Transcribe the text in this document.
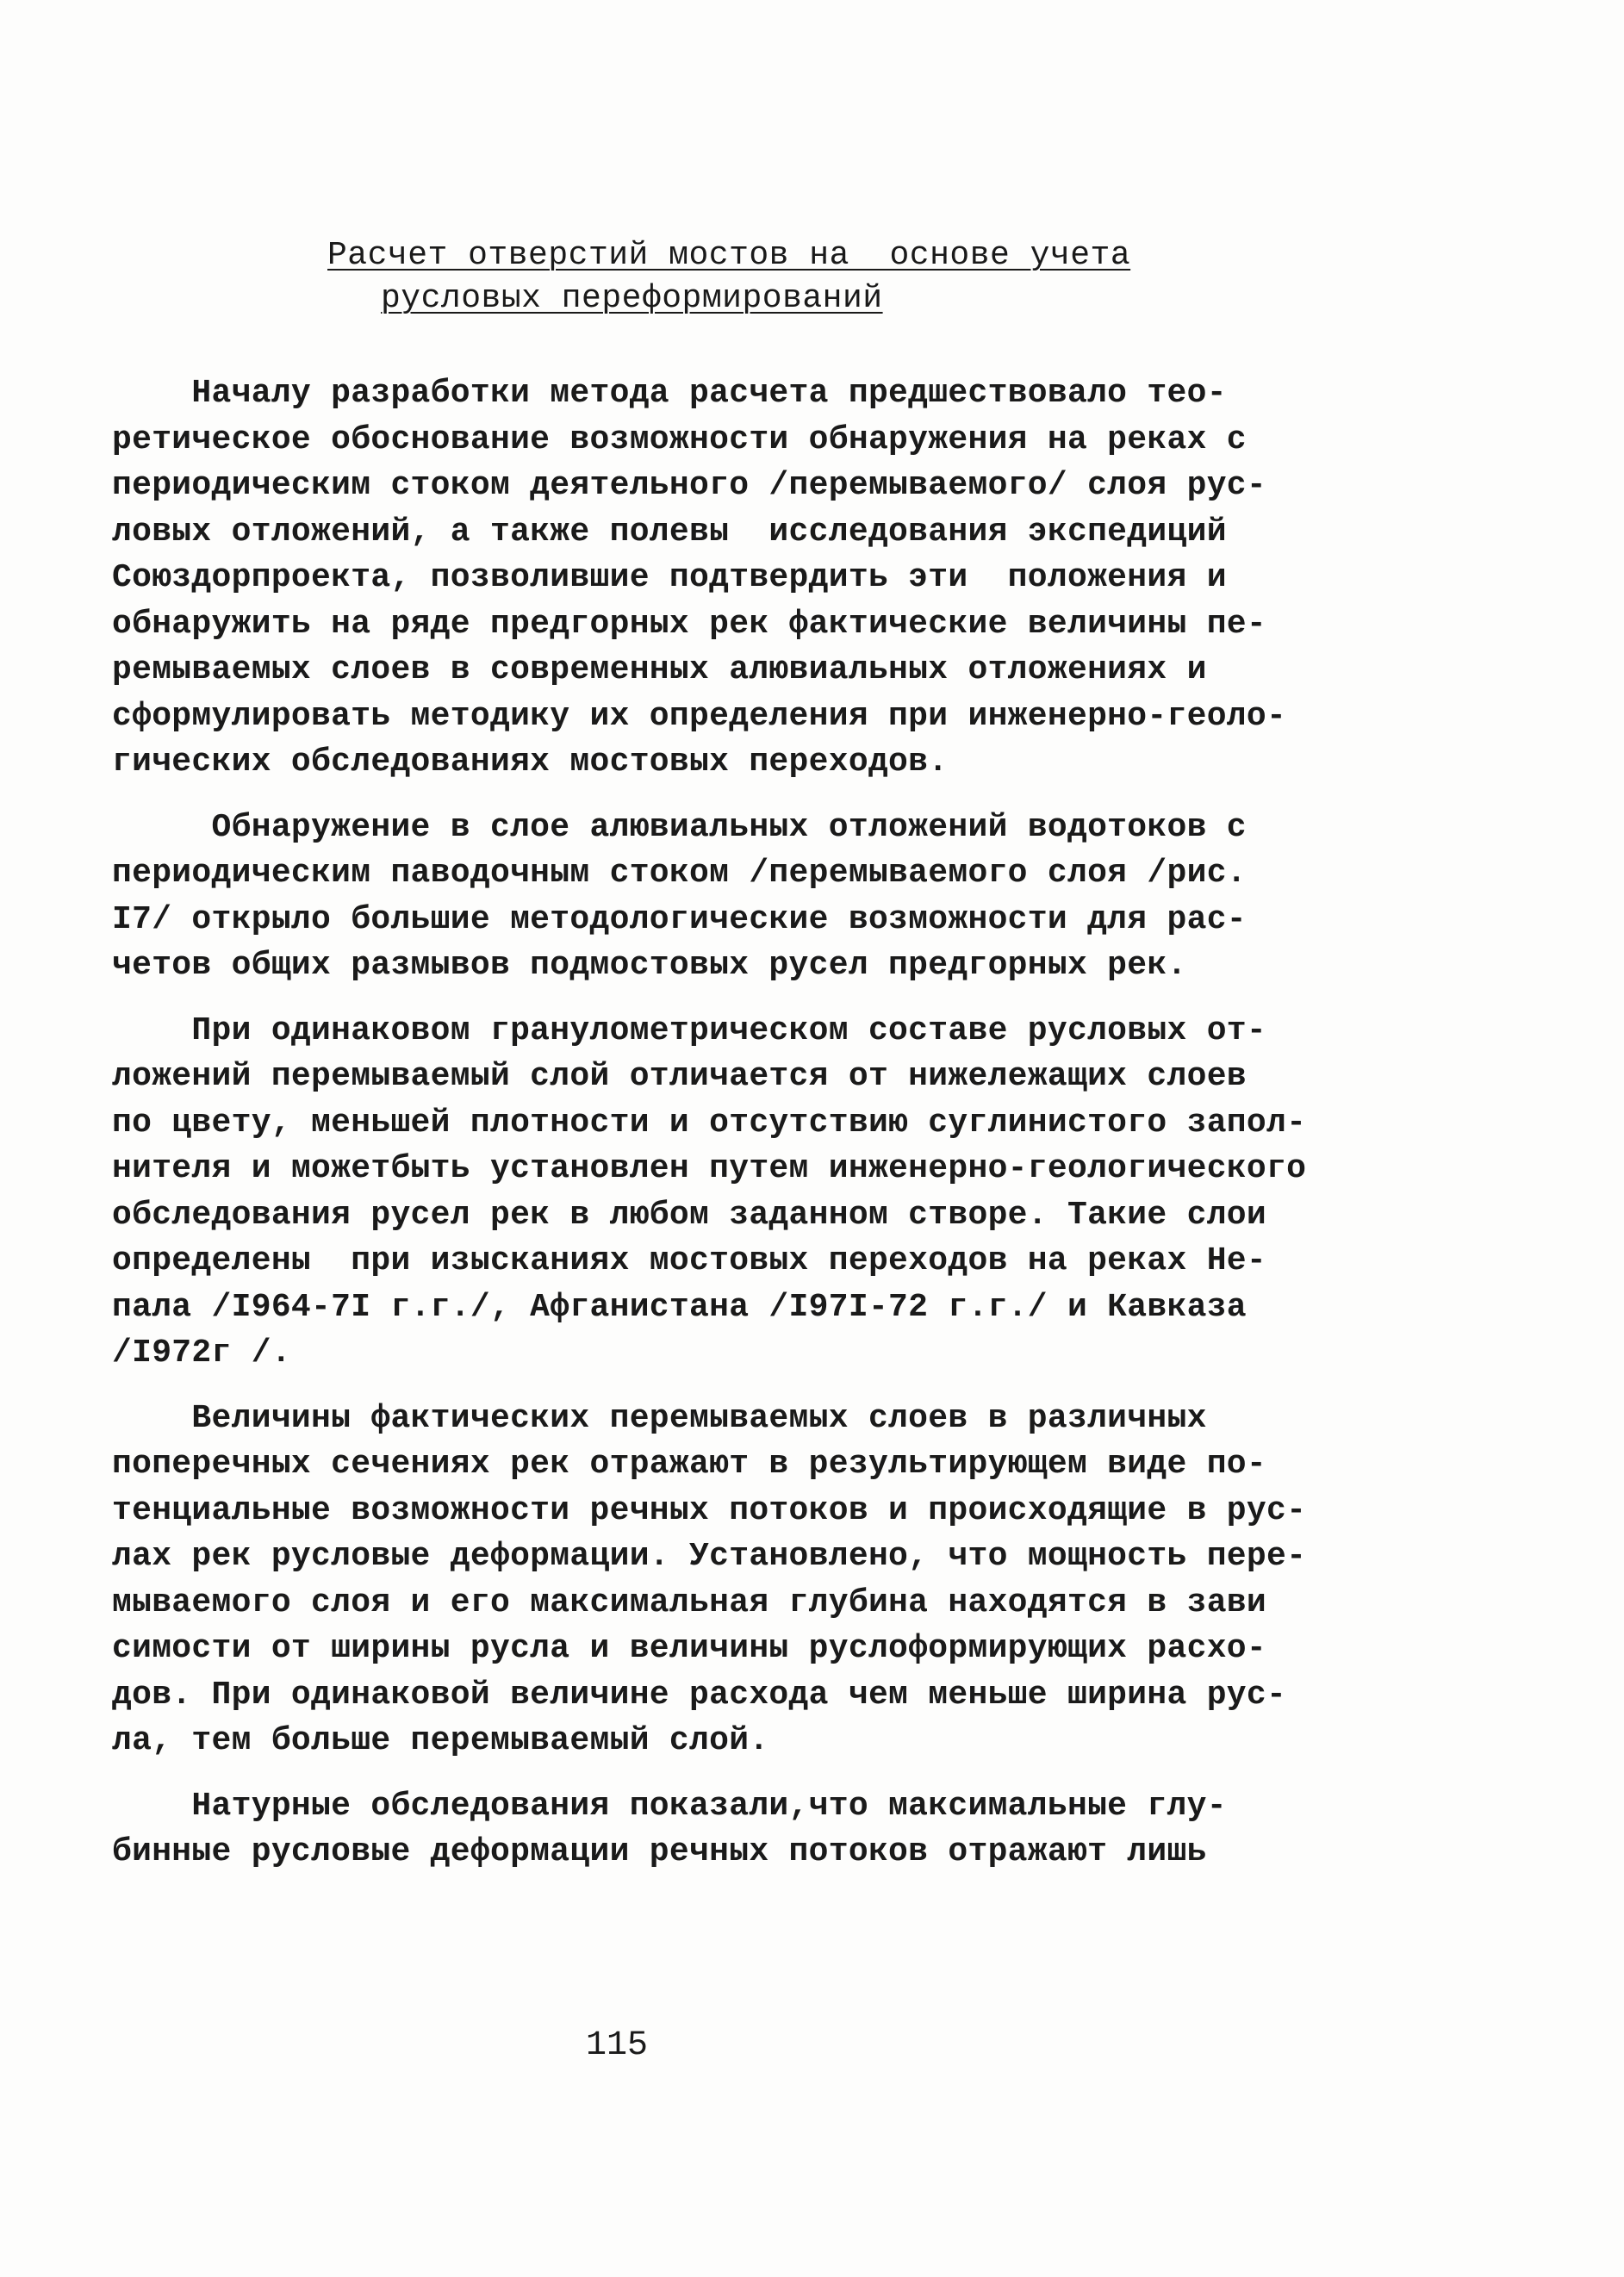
Расчет отверстий мостов на  основе учета
русловых переформирований
Началу разработки метода расчета предшествовало тео-
ретическое обоснование возможности обнаружения на реках с
периодическим стоком деятельного /перемываемого/ слоя рус-
ловых отложений, а также полевы  исследования экспедиций
Союздорпроекта, позволившие подтвердить эти  положения и
обнаружить на ряде предгорных рек фактические величины пе-
ремываемых слоев в современных алювиальных отложениях и
сформулировать методику их определения при инженерно-геоло-
гических обследованиях мостовых переходов.
Обнаружение в слое алювиальных отложений водотоков с
периодическим паводочным стоком /перемываемого слоя /рис.
I7/ открыло большие методологические возможности для рас-
четов общих размывов подмостовых русел предгорных рек.
При одинаковом гранулометрическом составе русловых от-
ложений перемываемый слой отличается от нижележащих слоев
по цвету, меньшей плотности и отсутствию суглинистого запол-
нителя и можетбыть установлен путем инженерно-геологического
обследования русел рек в любом заданном створе. Такие слои
определены  при изысканиях мостовых переходов на реках Не-
пала /I964-7I г.г./, Афганистана /I97I-72 г.г./ и Кавказа
/I972г /.
Величины фактических перемываемых слоев в различных
поперечных сечениях рек отражают в результирующем виде по-
тенциальные возможности речных потоков и происходящие в рус-
лах рек русловые деформации. Установлено, что мощность пере-
мываемого слоя и его максимальная глубина находятся в зави
симости от ширины русла и величины руслоформирующих расхо-
дов. При одинаковой величине расхода чем меньше ширина рус-
ла, тем больше перемываемый слой.
Натурные обследования показали,что максимальные глу-
бинные русловые деформации речных потоков отражают лишь
115
